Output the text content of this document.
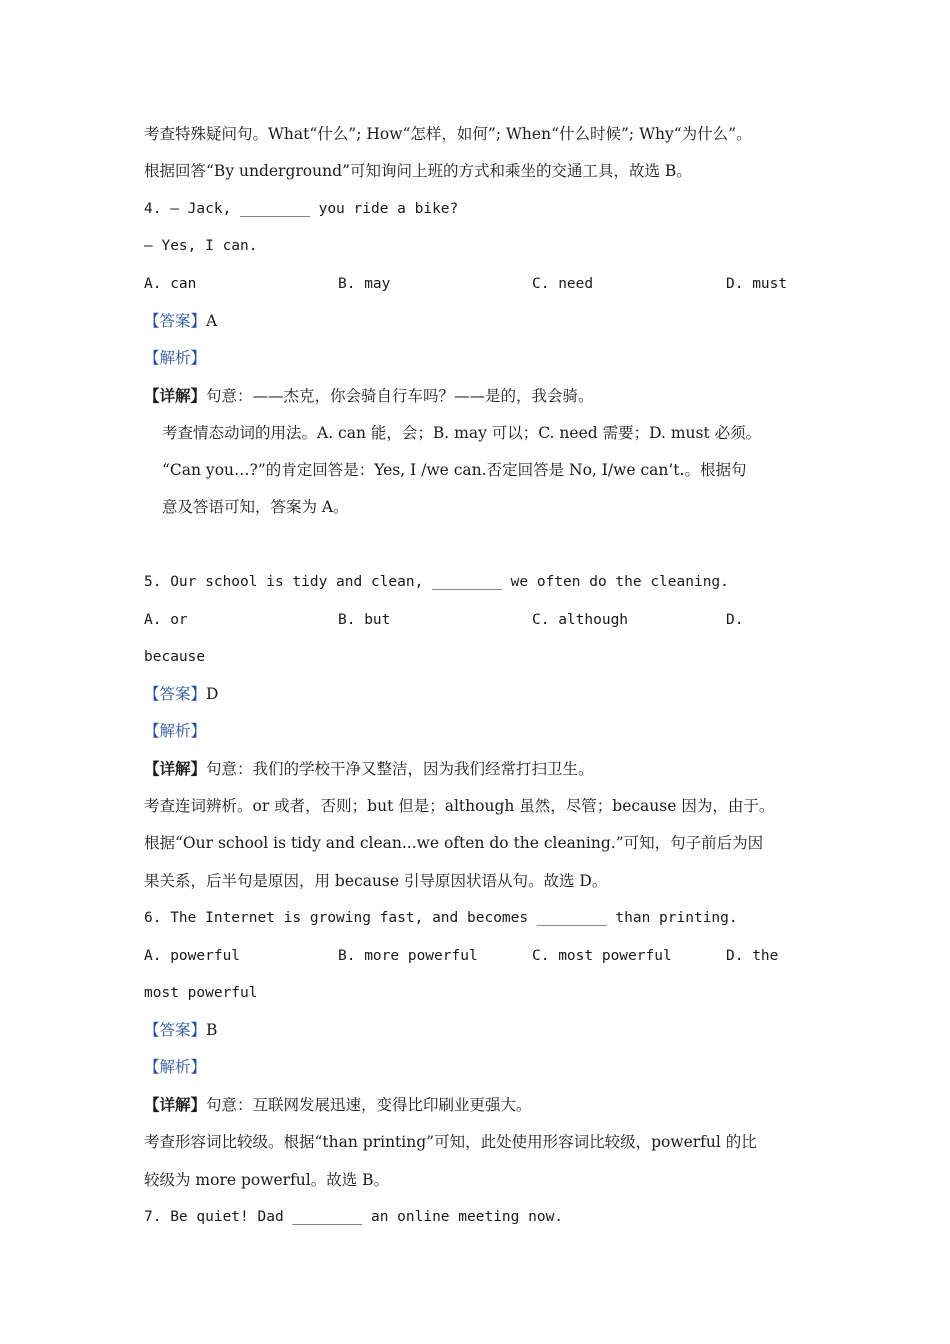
考查特殊疑问句。What“什么”; How“怎样，如何”; When“什么时候”; Why“为什么”。
根据回答“By underground”可知询问上班的方式和乘坐的交通工具，故选 B。
4. — Jack, ________ you ride a bike?
— Yes, I can.
A. can	B. may	C. need	D. must
【答案】A
【解析】
【详解】句意：——杰克，你会骑自行车吗？——是的，我会骑。
考查情态动词的用法。A. can 能，会；B. may 可以；C. need 需要；D. must 必须。
“Can you…?”的肯定回答是：Yes, I /we can.否定回答是 No, I/we can’t.。根据句
意及答语可知，答案为 A。
5. Our school is tidy and clean, ________ we often do the cleaning.
A. or	B. but	C. although	D.
because
【答案】D
【解析】
【详解】句意：我们的学校干净又整洁，因为我们经常打扫卫生。
考查连词辨析。or 或者，否则；but 但是；although 虽然，尽管；because 因为，由于。
根据“Our school is tidy and clean...we often do the cleaning.”可知，句子前后为因
果关系，后半句是原因，用 because 引导原因状语从句。故选 D。
6. The Internet is growing fast, and becomes ________ than printing.
A. powerful	B. more powerful	C. most powerful	D. the
most powerful
【答案】B
【解析】
【详解】句意：互联网发展迅速，变得比印刷业更强大。
考查形容词比较级。根据“than printing”可知，此处使用形容词比较级，powerful 的比
较级为 more powerful。故选 B。
7. Be quiet! Dad ________ an online meeting now.
